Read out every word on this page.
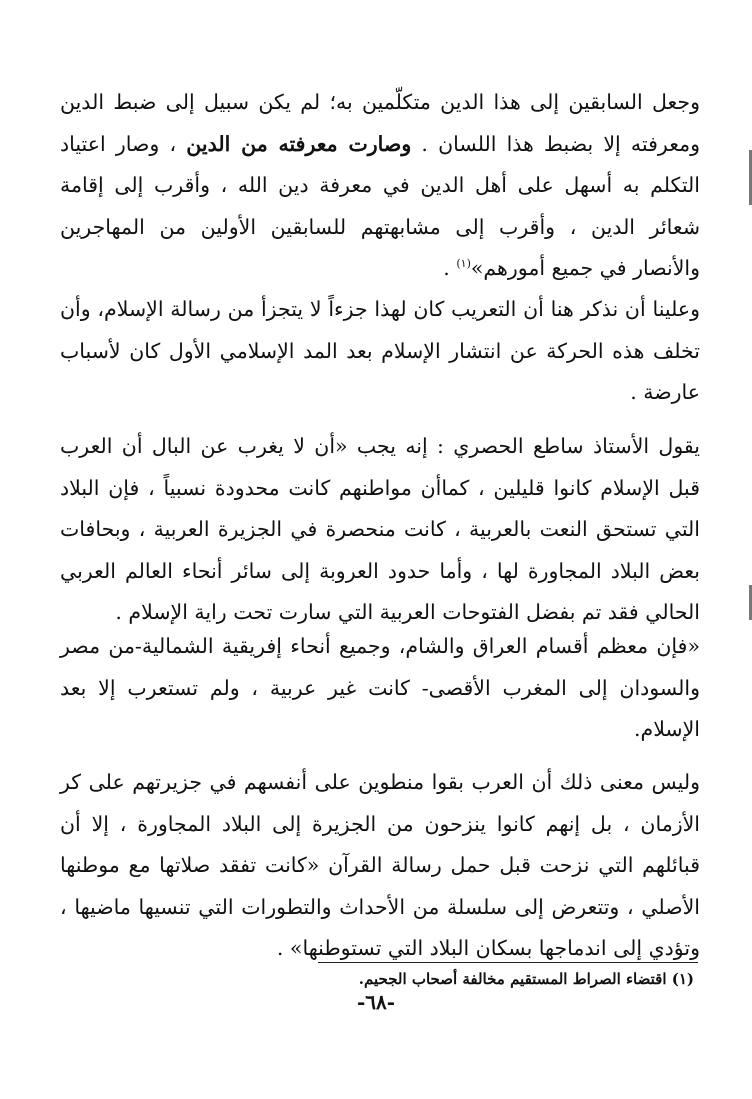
وجعل السابقين إلى هذا الدين متكلّمين به؛ لم يكن سبيل إلى ضبط الدين ومعرفته إلا بضبط هذا اللسان . وصارت معرفته من الدين ، وصار اعتياد التكلم به أسهل على أهل الدين في معرفة دين الله ، وأقرب إلى إقامة شعائر الدين ، وأقرب إلى مشابهتهم للسابقين الأولين من المهاجرين والأنصار في جميع أمورهم»$^{(١)}$ .

وعلينا أن نذكر هنا أن التعريب كان لهذا جزءاً لا يتجزأ من رسالة الإسلام، وأن تخلف هذه الحركة عن انتشار الإسلام بعد المد الإسلامي الأول كان لأسباب عارضة .

يقول الأستاذ ساطع الحصري : إنه يجب «أن لا يغرب عن البال أن العرب قبل الإسلام كانوا قليلين ، كماأن مواطنهم كانت محدودة نسبياً ، فإن البلاد التي تستحق النعت بالعربية ، كانت منحصرة في الجزيرة العربية ، وبحافات بعض البلاد المجاورة لها ، وأما حدود العروبة إلى سائر أنحاء العالم العربي الحالي فقد تم بفضل الفتوحات العربية التي سارت تحت راية الإسلام .

«فإن معظم أقسام العراق والشام، وجميع أنحاء إفريقية الشمالية-من مصر والسودان إلى المغرب الأقصى- كانت غير عربية ، ولم تستعرب إلا بعد الإسلام.

وليس معنى ذلك أن العرب بقوا منطوين على أنفسهم في جزيرتهم على كر الأزمان ، بل إنهم كانوا ينزحون من الجزيرة إلى البلاد المجاورة ، إلا أن قبائلهم التي نزحت قبل حمل رسالة القرآن «كانت تفقد صلاتها مع موطنها الأصلي ، وتتعرض إلى سلسلة من الأحداث والتطورات التي تنسيها ماضيها ، وتؤدي إلى اندماجها بسكان البلاد التي تستوطنها» .

(١) اقتضاء الصراط المستقيم مخالفة أصحاب الجحيم.
-٦٨-
